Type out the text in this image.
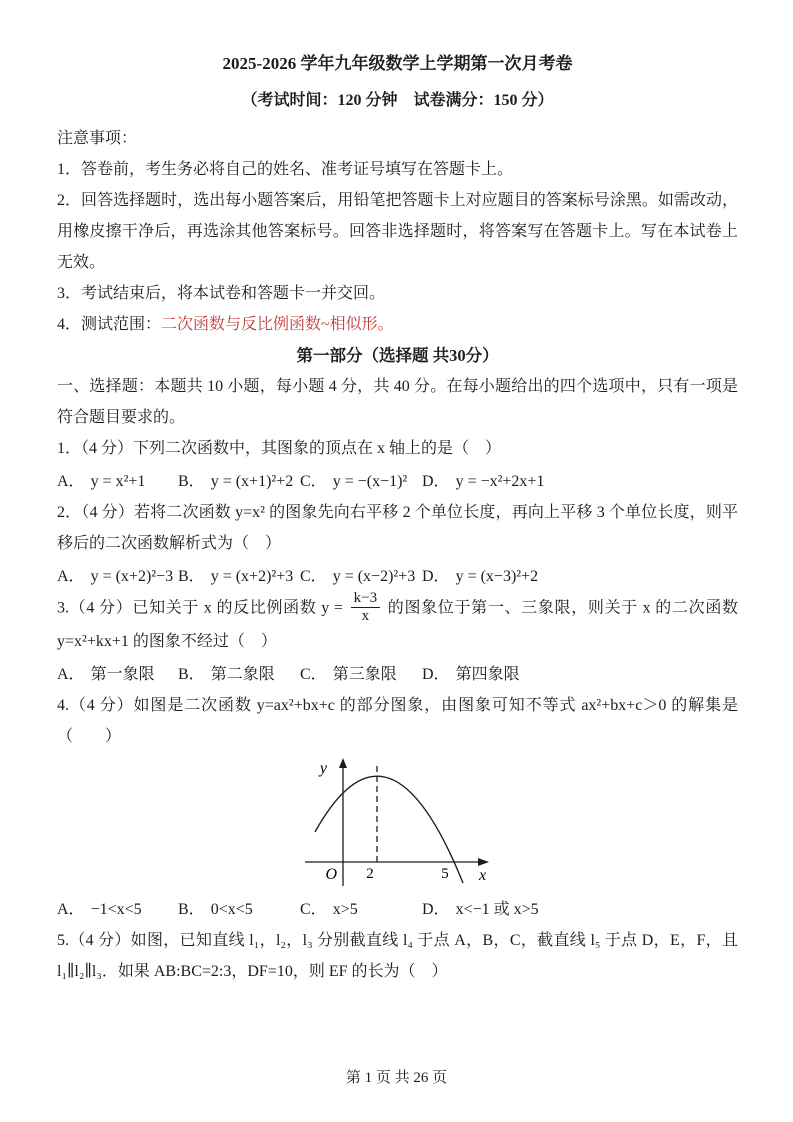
2025-2026 学年九年级数学上学期第一次月考卷

（考试时间：120 分钟　试卷满分：150 分）

注意事项：

1．答卷前，考生务必将自己的姓名、准考证号填写在答题卡上。

2．回答选择题时，选出每小题答案后，用铅笔把答题卡上对应题目的答案标号涂黑。如需改动，用橡皮擦干净后，再选涂其他答案标号。回答非选择题时，将答案写在答题卡上。写在本试卷上无效。

3．考试结束后，将本试卷和答题卡一并交回。

4．测试范围：二次函数与反比例函数~相似形。

第一部分（选择题 共30分）

一、选择题：本题共 10 小题，每小题 4 分，共 40 分。在每小题给出的四个选项中，只有一项是符合题目要求的。

1．（4 分）下列二次函数中，其图象的顶点在 x 轴上的是（　）

A． y = x²+1	B． y = (x+1)²+2 C． y = −(x−1)² D． y = −x²+2x+1

2．（4 分）若将二次函数 y=x² 的图象先向右平移 2 个单位长度，再向上平移 3 个单位长度，则平移后的二次函数解析式为（　）

A． y = (x+2)²−3 B． y = (x+2)²+3 C． y = (x−2)²+3 D． y = (x−3)²+2

3.（4 分）已知关于 x 的反比例函数 $y = \frac{k-3}{x}$ 的图象位于第一、三象限，则关于 x 的二次函数 y=x²+kx+1 的图象不经过（　）

A． 第一象限	B． 第二象限	C． 第三象限	D． 第四象限

4.（4 分）如图是二次函数 y=ax²+bx+c 的部分图象，由图象可知不等式 ax²+bx+c＞0 的解集是（　　）

y
x
O 2	5
A． −1<x<5	B． 0<x<5	C． x>5	D． x<−1 或 x>5

5.（4 分）如图，已知直线 l₁，l₂，l₃ 分别截直线 l₄ 于点 A，B，C，截直线 l₅ 于点 D，E，F，且 l₁∥l₂∥l₃．如果 AB:BC=2:3，DF=10，则 EF 的长为（　）

第 1 页 共 26 页
